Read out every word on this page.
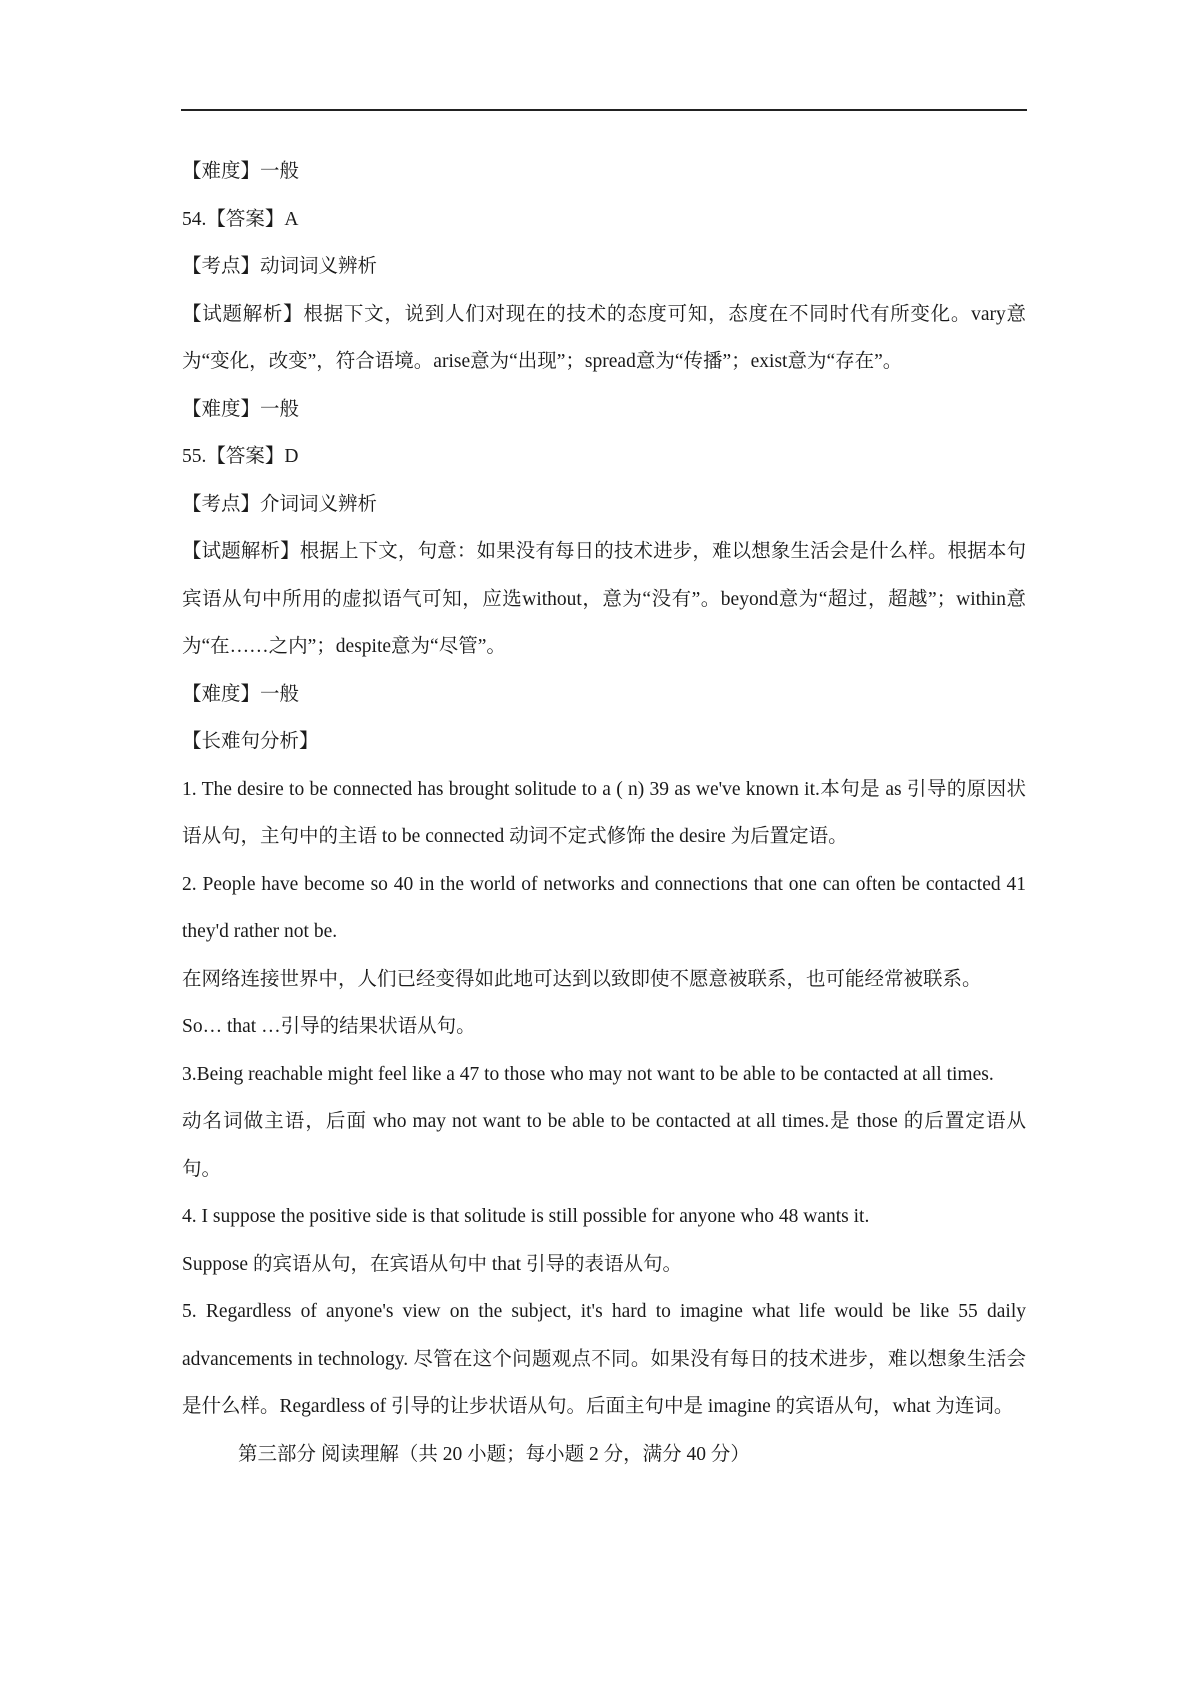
【难度】一般

54.【答案】A

【考点】动词词义辨析

【试题解析】根据下文，说到人们对现在的技术的态度可知，态度在不同时代有所变化。vary意为“变化，改变”，符合语境。arise意为“出现”；spread意为“传播”；exist意为“存在”。

【难度】一般

55.【答案】D

【考点】介词词义辨析

【试题解析】根据上下文，句意：如果没有每日的技术进步，难以想象生活会是什么样。根据本句宾语从句中所用的虚拟语气可知，应选without，意为“没有”。beyond意为“超过，超越”；within意为“在……之内”；despite意为“尽管”。

【难度】一般

【长难句分析】

1. The desire to be connected has brought solitude to a ( n) 39 as we've known it.本句是 as 引导的原因状语从句，主句中的主语 to be connected 动词不定式修饰 the desire 为后置定语。

2. People have become so 40 in the world of networks and connections that one can often be contacted 41 they'd rather not be.

在网络连接世界中，人们已经变得如此地可达到以致即使不愿意被联系，也可能经常被联系。

So… that …引导的结果状语从句。

3.Being reachable might feel like a 47 to those who may not want to be able to be contacted at all times.

动名词做主语，后面 who may not want to be able to be contacted at all times.是 those 的后置定语从句。

4. I suppose the positive side is that solitude is still possible for anyone who 48 wants it.

Suppose 的宾语从句，在宾语从句中 that 引导的表语从句。

5. Regardless of anyone's view on the subject, it's hard to imagine what life would be like 55 daily advancements in technology. 尽管在这个问题观点不同。如果没有每日的技术进步，难以想象生活会是什么样。Regardless of 引导的让步状语从句。后面主句中是 imagine 的宾语从句，what 为连词。

第三部分 阅读理解（共 20 小题；每小题 2 分，满分 40 分）
